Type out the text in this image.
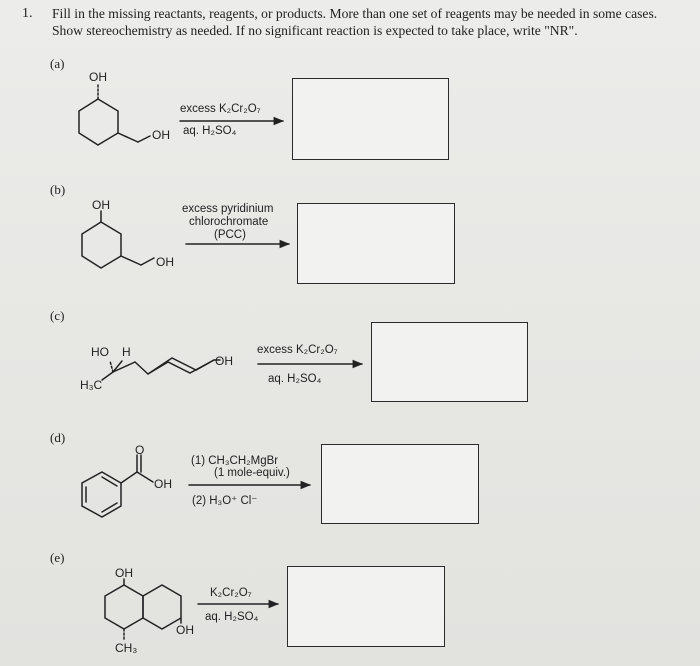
1. Fill in the missing reactants, reagents, or products. More than one set of reagents may be needed in some cases.
Show stereochemistry as needed. If no significant reaction is expected to take place, write "NR".
(a)
(b)
(c)
(d)
(e)
OH
OH
excess K₂Cr₂O₇
aq. H₂SO₄
OH
OH
excess pyridinium
chlorochromate
(PCC)
HO H
H₃C
OH
excess K₂Cr₂O₇
aq. H₂SO₄
O
OH
(1) CH₃CH₂MgBr
(1 mole-equiv.)
(2) H₃O⁺ Cl⁻
OH
CH₃
OH
K₂Cr₂O₇
aq. H₂SO₄
